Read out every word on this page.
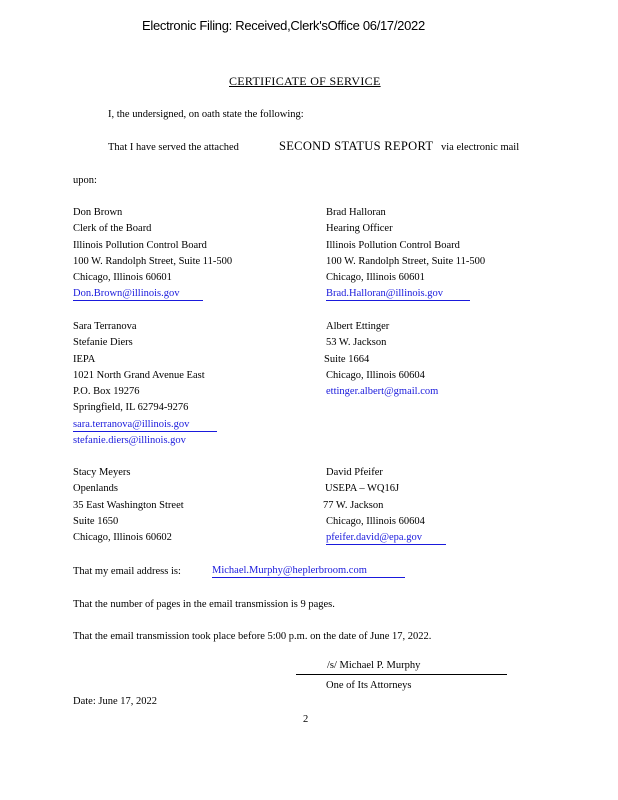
Electronic Filing: Received,Clerk'sOffice 06/17/2022
CERTIFICATE OF SERVICE
I, the undersigned, on oath state the following:
That I have served the attached	SECOND STATUS REPORT via electronic mail
upon:
Don Brown
Clerk of the Board
Illinois Pollution Control Board
100 W. Randolph Street, Suite 11-500
Chicago, Illinois 60601
Don.Brown@illinois.gov
Brad Halloran
Hearing Officer
Illinois Pollution Control Board
100 W. Randolph Street, Suite 11-500
Chicago, Illinois 60601
Brad.Halloran@illinois.gov
Sara Terranova
Stefanie Diers
IEPA
1021 North Grand Avenue East
P.O. Box 19276
Springfield, IL 62794-9276
sara.terranova@illinois.gov
stefanie.diers@illinois.gov
Albert Ettinger
53 W. Jackson
Suite 1664
Chicago, Illinois 60604
ettinger.albert@gmail.com
Stacy Meyers
Openlands
35 East Washington Street
Suite 1650
Chicago, Illinois 60602
David Pfeifer
USEPA – WQ16J
77 W. Jackson
Chicago, Illinois 60604
pfeifer.david@epa.gov
That my email address is:	Michael.Murphy@heplerbroom.com
That the number of pages in the email transmission is 9 pages.
That the email transmission took place before 5:00 p.m. on the date of June 17, 2022.
/s/ Michael P. Murphy
One of Its Attorneys
Date: June 17, 2022
2
